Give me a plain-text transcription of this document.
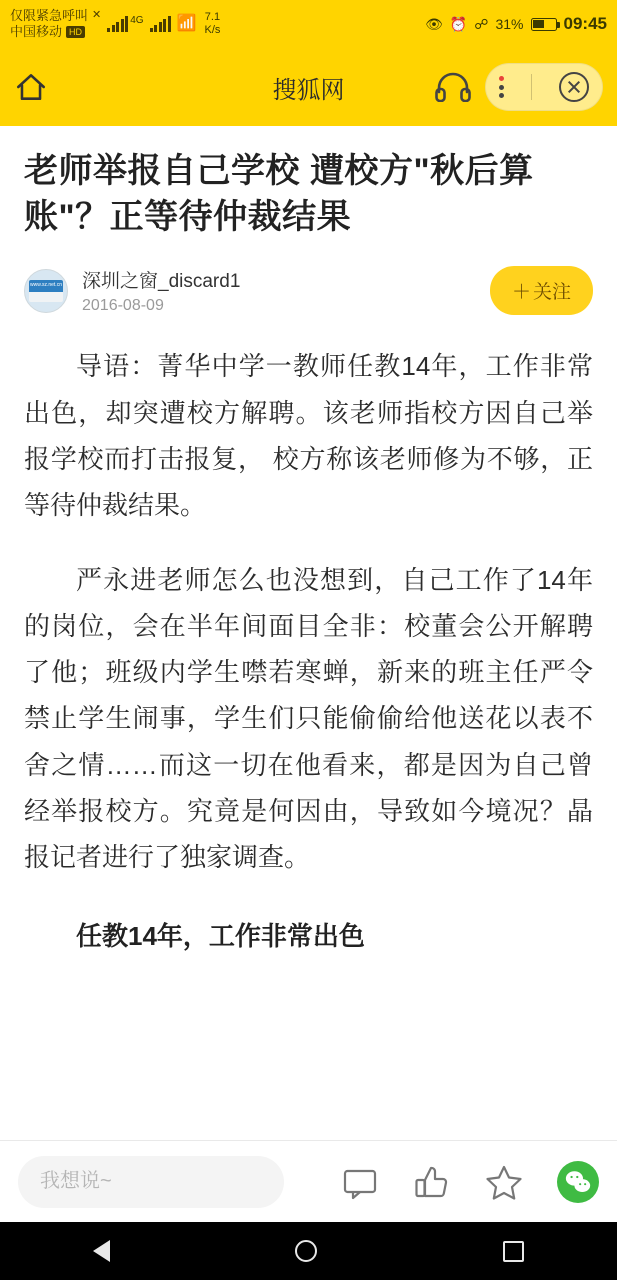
仅限紧急呼叫 ✕
中国移动 HD
4G 📶 7.1
K/s	👁 ⏰ ☍ 31% 09:45
搜狐网
老师举报自己学校 遭校方"秋后算账"？正等待仲裁结果
www.sz.net.cn 深圳之窗_discard1
2016-08-09
＋ 关注

导语：菁华中学一教师任教14年，工作非常出色，却突遭校方解聘。该老师指校方因自己举报学校而打击报复， 校方称该老师修为不够，正等待仲裁结果。

严永进老师怎么也没想到，自己工作了14年的岗位，会在半年间面目全非：校董会公开解聘了他；班级内学生噤若寒蝉，新来的班主任严令禁止学生闹事，学生们只能偷偷给他送花以表不舍之情……而这一切在他看来，都是因为自己曾经举报校方。究竟是何因由，导致如今境况？晶报记者进行了独家调查。

任教14年，工作非常出色

我想说~
